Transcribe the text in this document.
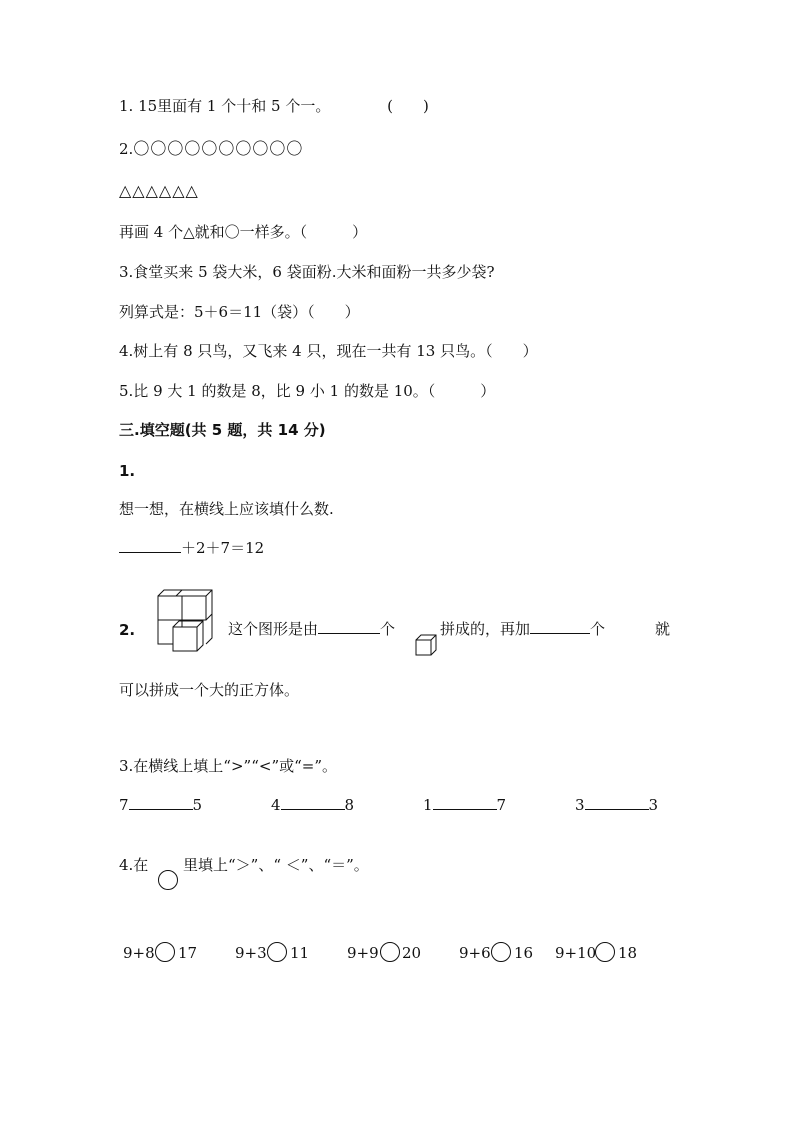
1. 15里面有 1 个十和 5 个一。	(　　)
2.〇〇〇〇〇〇〇〇〇〇
△△△△△△
再画 4 个△就和〇一样多。（　　　）
3.食堂买来 5 袋大米，6 袋面粉.大米和面粉一共多少袋?
列算式是：5＋6＝11（袋）（　　）
4.树上有 8 只鸟，又飞来 4 只，现在一共有 13 只鸟。（　　）
5.比 9 大 1 的数是 8，比 9 小 1 的数是 10。（　　　）
三.填空题(共 5 题，共 14 分)
1.
想一想，在横线上应该填什么数.
＋2＋7＝12
2.	这个图形是由	个	拼成的，再加	个	就
可以拼成一个大的正方体。
3.在横线上填上“>”“<”或“=”。
7	5	4	8	1	7	3	3
4.在 里填上“＞”、“ ＜”、“＝”。
9+8 17	9+3 11	9+9 20	9+6 16 9+10 18
